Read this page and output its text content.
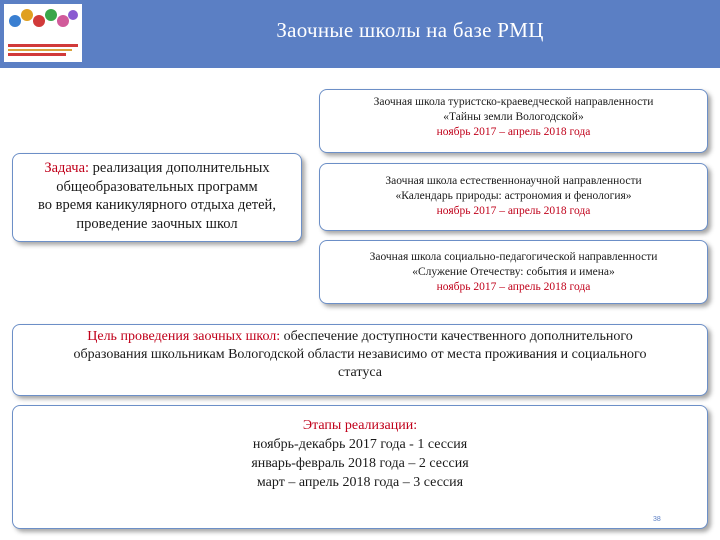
Заочные школы на базе РМЦ
Заочная школа туристско-краеведческой направленности
«Тайны земли Вологодской»
ноябрь 2017 – апрель 2018 года
Заочная школа естественнонаучной направленности
«Календарь природы: астрономия и фенология»
ноябрь 2017 – апрель 2018 года
Заочная школа социально-педагогической направленности
«Служение Отечеству: события и имена»
ноябрь 2017 – апрель 2018 года
Задача: реализация дополнительных
общеобразовательных программ
во время каникулярного отдыха детей,
проведение заочных школ
Цель проведения заочных школ: обеспечение доступности качественного дополнительного
образования школьникам Вологодской области независимо от места проживания и социального
статуса
Этапы реализации:
ноябрь-декабрь 2017 года - 1 сессия
январь-февраль 2018 года – 2 сессия
март – апрель 2018 года – 3 сессия
38
